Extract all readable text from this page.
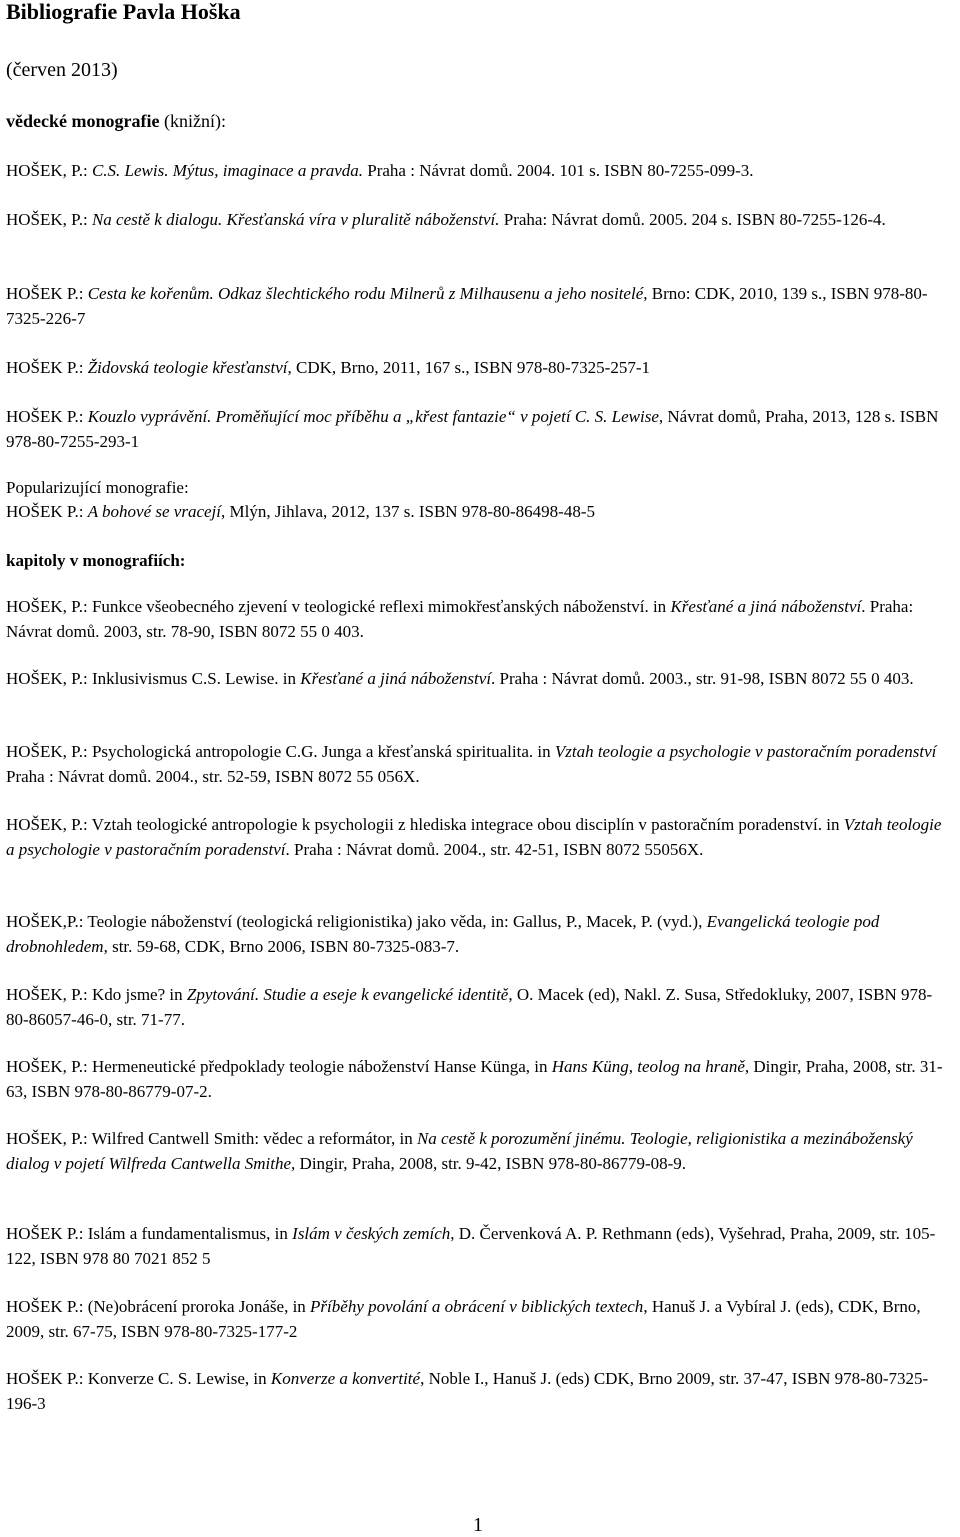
Bibliografie Pavla Hoška
(červen 2013)
vědecké monografie (knižní):
HOŠEK, P.: C.S. Lewis. Mýtus, imaginace a pravda. Praha : Návrat domů. 2004. 101 s. ISBN 80-7255-099-3.
HOŠEK, P.: Na cestě k dialogu. Křesťanská víra v pluralitě náboženství. Praha: Návrat domů. 2005. 204 s. ISBN 80-7255-126-4.
HOŠEK P.: Cesta ke kořenům. Odkaz šlechtického rodu Milnerů z Milhausenu a jeho nositelé, Brno: CDK, 2010, 139 s., ISBN 978-80-7325-226-7
HOŠEK P.: Židovská teologie křesťanství, CDK, Brno, 2011, 167 s., ISBN 978-80-7325-257-1
HOŠEK P.: Kouzlo vyprávění. Proměňující moc příběhu a „křest fantazie“ v pojetí C. S. Lewise, Návrat domů, Praha, 2013, 128 s. ISBN 978-80-7255-293-1
Popularizující monografie:
HOŠEK P.: A bohové se vracejí, Mlýn, Jihlava, 2012, 137 s. ISBN 978-80-86498-48-5
kapitoly v monografiích:
HOŠEK, P.: Funkce všeobecného zjevení v teologické reflexi mimokřesťanských náboženství. in Křesťané a jiná náboženství. Praha: Návrat domů. 2003, str. 78-90, ISBN 8072 55 0 403.
HOŠEK, P.: Inklusivismus C.S. Lewise. in Křesťané a jiná náboženství. Praha : Návrat domů. 2003., str. 91-98, ISBN 8072 55 0 403.
HOŠEK, P.: Psychologická antropologie C.G. Junga a křesťanská spiritualita. in Vztah teologie a psychologie v pastoračním poradenství Praha : Návrat domů. 2004., str. 52-59, ISBN 8072 55 056X.
HOŠEK, P.: Vztah teologické antropologie k psychologii z hlediska integrace obou disciplín v pastoračním poradenství. in Vztah teologie a psychologie v pastoračním poradenství. Praha : Návrat domů. 2004., str. 42-51, ISBN 8072 55056X.
HOŠEK,P.: Teologie náboženství (teologická religionistika) jako věda, in: Gallus, P., Macek, P. (vyd.), Evangelická teologie pod drobnohledem, str. 59-68, CDK, Brno 2006, ISBN 80-7325-083-7.
HOŠEK, P.: Kdo jsme? in Zpytování. Studie a eseje k evangelické identitě, O. Macek (ed), Nakl. Z. Susa, Středokluky, 2007, ISBN 978-80-86057-46-0, str. 71-77.
HOŠEK, P.: Hermeneutické předpoklady teologie náboženství Hanse Künga, in Hans Küng, teolog na hraně, Dingir, Praha, 2008, str. 31-63, ISBN 978-80-86779-07-2.
HOŠEK, P.: Wilfred Cantwell Smith: vědec a reformátor, in Na cestě k porozumění jinému. Teologie, religionistika a mezináboženský dialog v pojetí Wilfreda Cantwella Smithe, Dingir, Praha, 2008, str. 9-42, ISBN 978-80-86779-08-9.
HOŠEK P.: Islám a fundamentalismus, in Islám v českých zemích, D. Červenková A. P. Rethmann (eds), Vyšehrad, Praha, 2009, str. 105-122, ISBN 978 80 7021 852 5
HOŠEK P.: (Ne)obrácení proroka Jonáše, in Příběhy povolání a obrácení v biblických textech, Hanuš J. a Vybíral J. (eds), CDK, Brno, 2009, str. 67-75, ISBN 978-80-7325-177-2
HOŠEK P.: Konverze C. S. Lewise, in Konverze a konvertité, Noble I., Hanuš J. (eds) CDK, Brno 2009, str. 37-47, ISBN 978-80-7325-196-3
1
